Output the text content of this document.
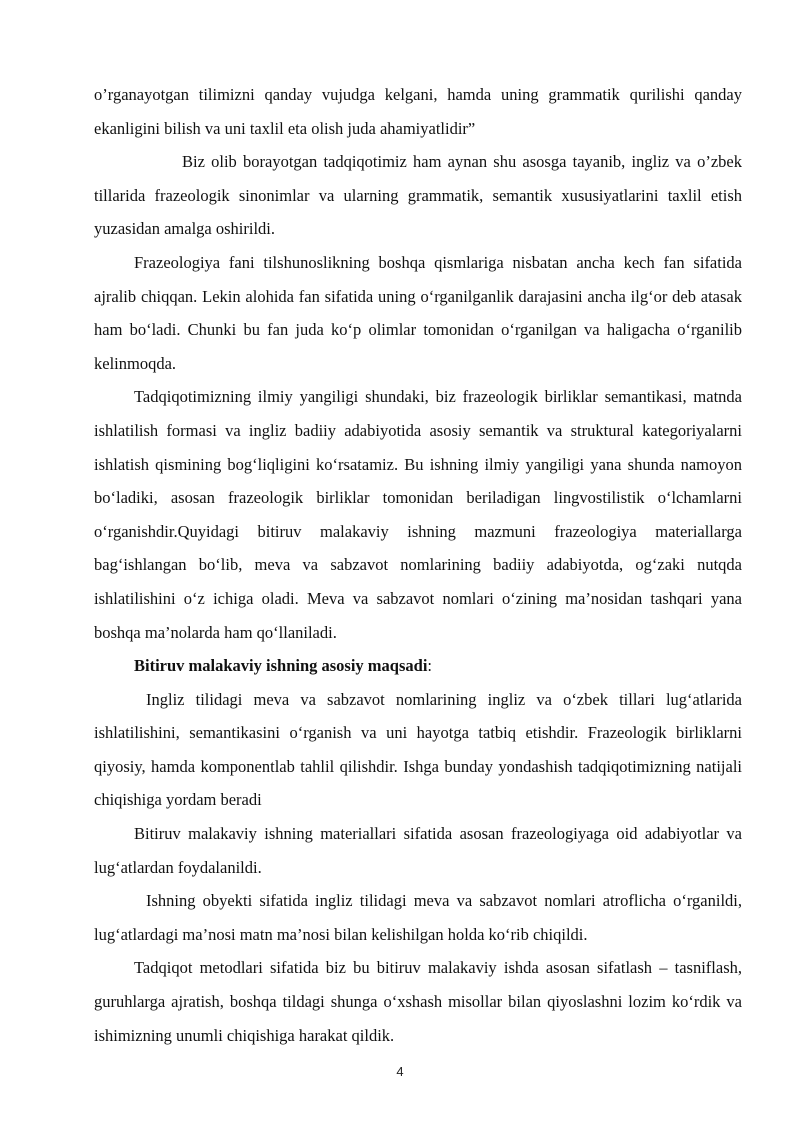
o’rganayotgan tilimizni qanday vujudga kelgani, hamda uning grammatik qurilishi qanday ekanligini bilish va uni taxlil eta olish juda ahamiyatlidir”

Biz olib borayotgan tadqiqotimiz ham aynan shu asosga tayanib, ingliz va o’zbek tillarida frazeologik sinonimlar va ularning grammatik, semantik xususiyatlarini taxlil etish yuzasidan amalga oshirildi.

Frazeologiya fani tilshunoslikning boshqa qismlariga nisbatan ancha kech fan sifatida ajralib chiqqan. Lekin alohida fan sifatida uning o‘rganilganlik darajasini ancha ilg‘or deb atasak ham bo‘ladi. Chunki bu fan juda ko‘p olimlar tomonidan o‘rganilgan va haligacha o‘rganilib kelinmoqda.

Tadqiqotimizning ilmiy yangiligi shundaki, biz frazeologik birliklar semantikasi, matnda ishlatilish formasi va ingliz badiiy adabiyotida asosiy semantik va struktural kategoriyalarni ishlatish qismining bog‘liqligini ko‘rsatamiz. Bu ishning ilmiy yangiligi yana shunda namoyon bo‘ladiki, asosan frazeologik birliklar tomonidan beriladigan lingvostilistik o‘lchamlarni o‘rganishdir.Quyidagi bitiruv malakaviy ishning mazmuni frazeologiya materiallarga bag‘ishlangan bo‘lib, meva va sabzavot nomlarining badiiy adabiyotda, og‘zaki nutqda ishlatilishini o‘z ichiga oladi. Meva va sabzavot nomlari o‘zining ma’nosidan tashqari yana boshqa ma’nolarda ham qo‘llaniladi.

Bitiruv malakaviy ishning asosiy maqsadi:

Ingliz tilidagi meva va sabzavot nomlarining ingliz va o‘zbek tillari lug‘atlarida ishlatilishini, semantikasini o‘rganish va uni hayotga tatbiq etishdir. Frazeologik birliklarni qiyosiy, hamda komponentlab tahlil qilishdir. Ishga bunday yondashish tadqiqotimizning natijali chiqishiga yordam beradi

Bitiruv malakaviy ishning materiallari sifatida asosan frazeologiyaga oid adabiyotlar va lug‘atlardan foydalanildi.

Ishning obyekti sifatida ingliz tilidagi meva va sabzavot nomlari atroflicha o‘rganildi, lug‘atlardagi ma’nosi matn ma’nosi bilan kelishilgan holda ko‘rib chiqildi.

Tadqiqot metodlari sifatida biz bu bitiruv malakaviy ishda asosan sifatlash – tasniflash, guruhlarga ajratish, boshqa tildagi shunga o‘xshash misollar bilan qiyoslashni lozim ko‘rdik va ishimizning unumli chiqishiga harakat qildik.

4
